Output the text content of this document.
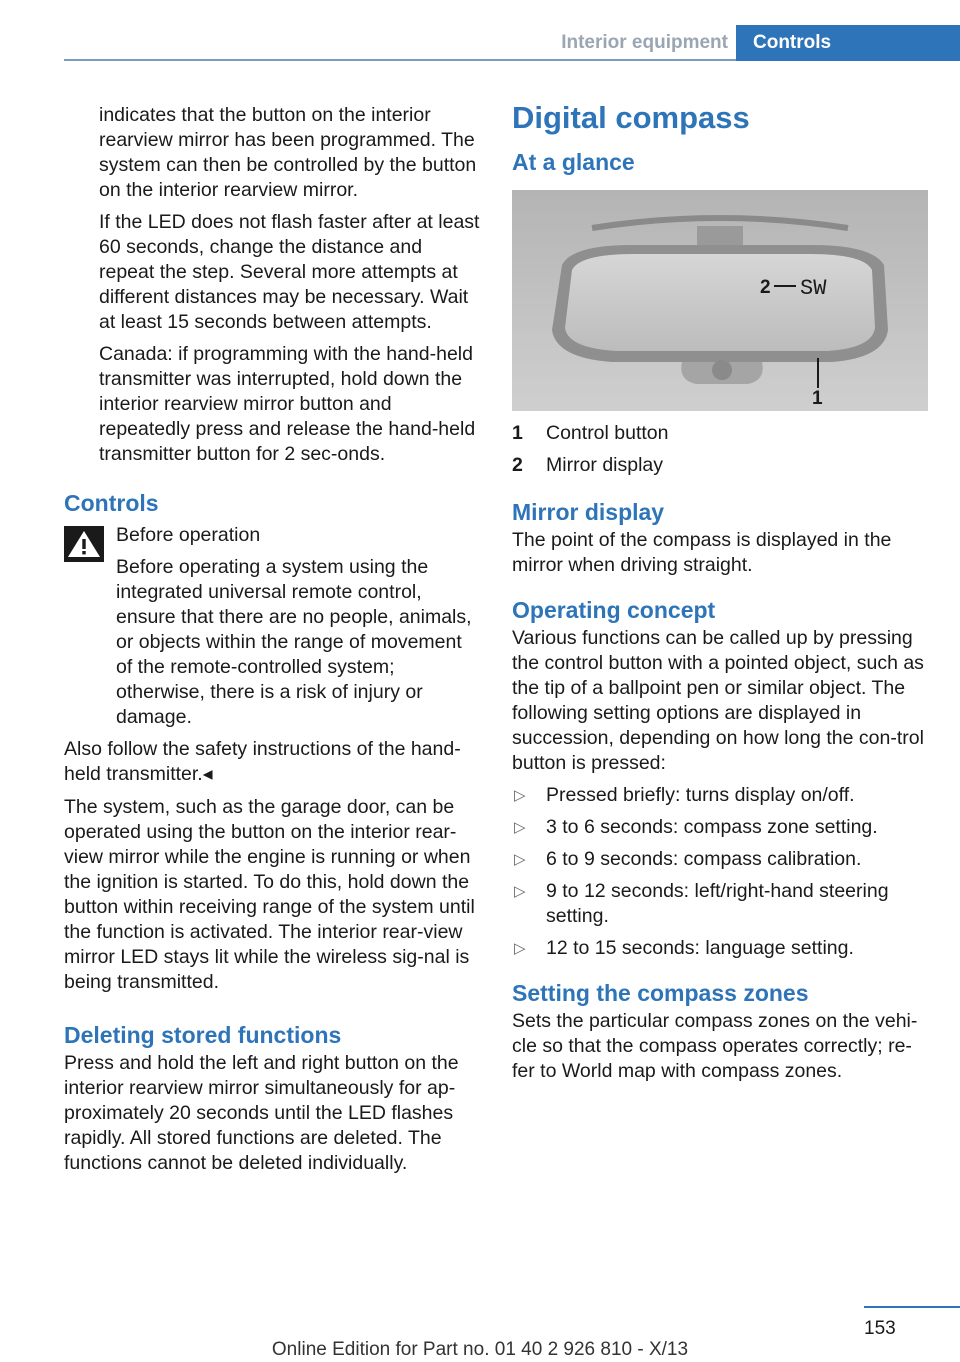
Interior equipment	Controls

indicates that the button on the interior rearview mirror has been programmed. The system can then be controlled by the button on the interior rearview mirror.

If the LED does not flash faster after at least 60 seconds, change the distance and repeat the step. Several more attempts at different distances may be necessary. Wait at least 15 seconds between attempts.

Canada: if programming with the hand-held transmitter was interrupted, hold down the interior rearview mirror button and repeatedly press and release the hand-held transmitter button for 2 sec-onds.

Controls

Before operation

Before operating a system using the integrated universal remote control, ensure that there are no people, animals, or objects within the range of movement of the remote-controlled system; otherwise, there is a risk of injury or damage.

Also follow the safety instructions of the hand-held transmitter.◂

The system, such as the garage door, can be operated using the button on the interior rear-view mirror while the engine is running or when the ignition is started. To do this, hold down the button within receiving range of the system until the function is activated. The interior rear-view mirror LED stays lit while the wireless sig-nal is being transmitted.

Deleting stored functions

Press and hold the left and right button on the interior rearview mirror simultaneously for ap-proximately 20 seconds until the LED flashes rapidly. All stored functions are deleted. The functions cannot be deleted individually.

Digital compass
At a glance
2 SW
1
1 Control button
2 Mirror display
Mirror display

The point of the compass is displayed in the mirror when driving straight.

Operating concept

Various functions can be called up by pressing the control button with a pointed object, such as the tip of a ballpoint pen or similar object. The following setting options are displayed in succession, depending on how long the con-trol button is pressed:

▷ Pressed briefly: turns display on/off.
▷ 3 to 6 seconds: compass zone setting.
▷ 6 to 9 seconds: compass calibration.
▷ 9 to 12 seconds: left/right-hand steering setting.
▷ 12 to 15 seconds: language setting.
Setting the compass zones

Sets the particular compass zones on the vehi-cle so that the compass operates correctly; re-fer to World map with compass zones.

153
Online Edition for Part no. 01 40 2 926 810 - X/13
